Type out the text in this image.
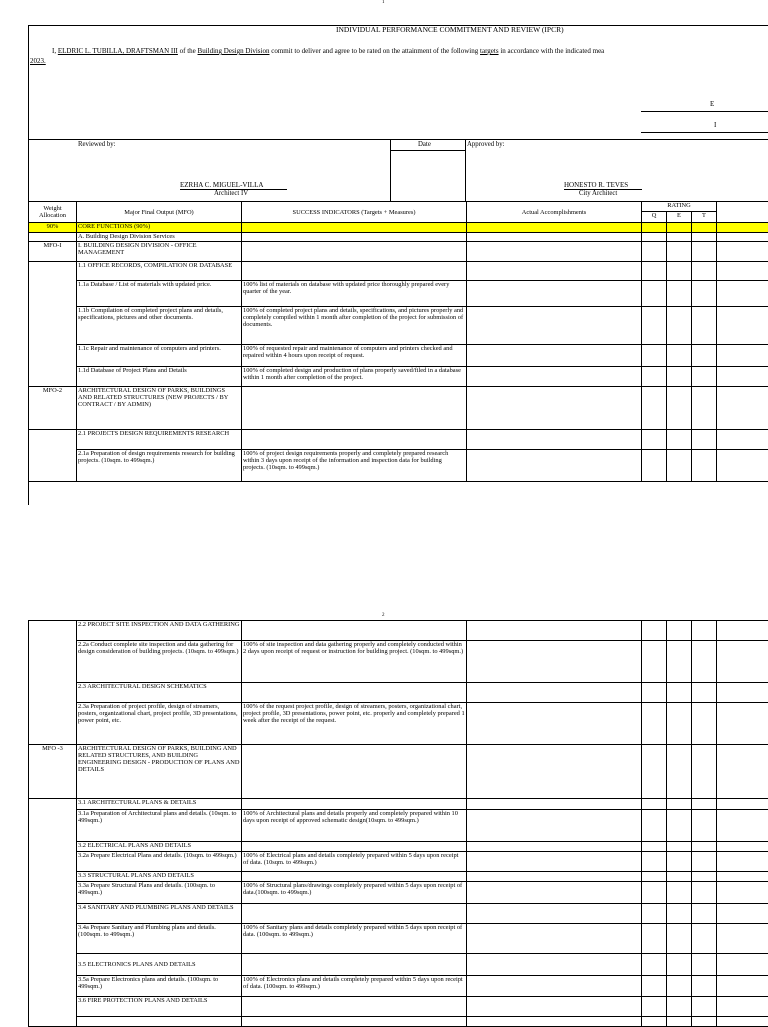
1
INDIVIDUAL PERFORMANCE COMMITMENT AND REVIEW (IPCR)
I, ELDRIC L. TUBILLA, DRAFTSMAN III of the Building Design Division commit to deliver and agree to be rated on the attainment of the following targets in accordance with the indicated mea
2023.
E
I
Reviewed by:	Date	Approved by:
EZRHA C. MIGUEL-VILLA
Architect IV
HONESTO R. TEVES
City Architect
Weight Allocation	Major Final Output (MFO)	SUCCESS INDICATORS (Targets + Measures)	Actual Accomplishments	RATING			
				Q	E	T	
90%	CORE FUNCTIONS (90%)						
	A. Building Design Division Services						
MFO-I	I. BUILDING DESIGN DIVISION - OFFICE MANAGEMENT						
	1.1 OFFICE RECORDS, COMPILATION OR DATABASE						
	1.1a Database / List of materials with updated price.	100% list of materials on database with updated price thoroughly prepared every quarter of the year.					
	1.1b Compilation of completed project plans and details, specifications, pictures and other documents.	100% of completed project plans and details, specifications, and pictures properly and completely compiled within 1 month after completion of the project for submission of documents.					
	1.1c Repair and maintenance of computers and printers.	100% of requested repair and maintenance of computers and printers checked and repaired within 4 hours upon receipt of request.					
	1.1d Database of Project Plans and Details	100% of completed design and production of plans properly saved/filed in a database within 1 month after completion of the project.					
MFO-2	ARCHITECTURAL DESIGN OF PARKS, BUILDINGS AND RELATED STRUCTURES (NEW PROJECTS / BY CONTRACT / BY ADMIN)						
	2.1 PROJECTS DESIGN REQUIREMENTS RESEARCH						
	2.1a Preparation of design requirements research for building projects. (10sqm. to 499sqm.)	100% of project design requirements properly and completely prepared research within 3 days upon receipt of the information and inspection data for building projects. (10sqm. to 499sqm.)					
2
	2.2 PROJECT SITE INSPECTION AND DATA GATHERING						
	2.2a Conduct complete site inspection and data gathering for design consideration of building projects. (10sqm. to 499sqm.)	100% of site inspection and data gathering properly and completely conducted within 2 days upon receipt of request or instruction for building project. (10sqm. to 499sqm.)					
	2.3 ARCHITECTURAL DESIGN SCHEMATICS						
	2.3a Preparation of project profile, design of streamers, posters, organizational chart, project profile, 3D presentations, power point, etc.	100% of the request project profile, design of streamers, posters, organizational chart, project profile, 3D presentations, power point, etc. properly and completely prepared 1 week after the receipt of the request.					
MFO -3	ARCHITECTURAL DESIGN OF PARKS, BUILDING AND RELATED STRUCTURES, AND BUILDING ENGINEERING DESIGN - PRODUCTION OF PLANS AND DETAILS						
	3.1 ARCHITECTURAL PLANS & DETAILS						
	3.1a Preparation of Architectural plans and details. (10sqm. to 499sqm.)	100% of Architectural plans and details properly and completely prepared within 10 days upon receipt of approved schematic design(10sqm. to 499sqm.)					
	3.2 ELECTRICAL PLANS AND DETAILS						
	3.2a Prepare Electrical Plans and details. (10sqm. to 499sqm.)	100% of Electrical plans and details completely prepared within 5 days upon receipt of data. (10sqm. to 499sqm.)					
	3.3 STRUCTURAL PLANS AND DETAILS						
	3.3a Prepare Structural Plans and details. (100sqm. to 499sqm.)	100% of Structural plans/drawings completely prepared within 5 days upon receipt of data.(100sqm. to 499sqm.)					
	3.4 SANITARY AND PLUMBING PLANS AND DETAILS						
	3.4a Prepare Sanitary and Plumbing plans and details. (100sqm. to 499sqm.)	100% of Sanitary plans and details completely prepared within 5 days upon receipt of data. (100sqm. to 499sqm.)					
	3.5 ELECTRONICS PLANS AND DETAILS						
	3.5a Prepare Electronics plans and details. (100sqm. to 499sqm.)	100% of Electronics plans and details completely prepared within 5 days upon receipt of data. (100sqm. to 499sqm.)					
	3.6 FIRE PROTECTION PLANS AND DETAILS						
